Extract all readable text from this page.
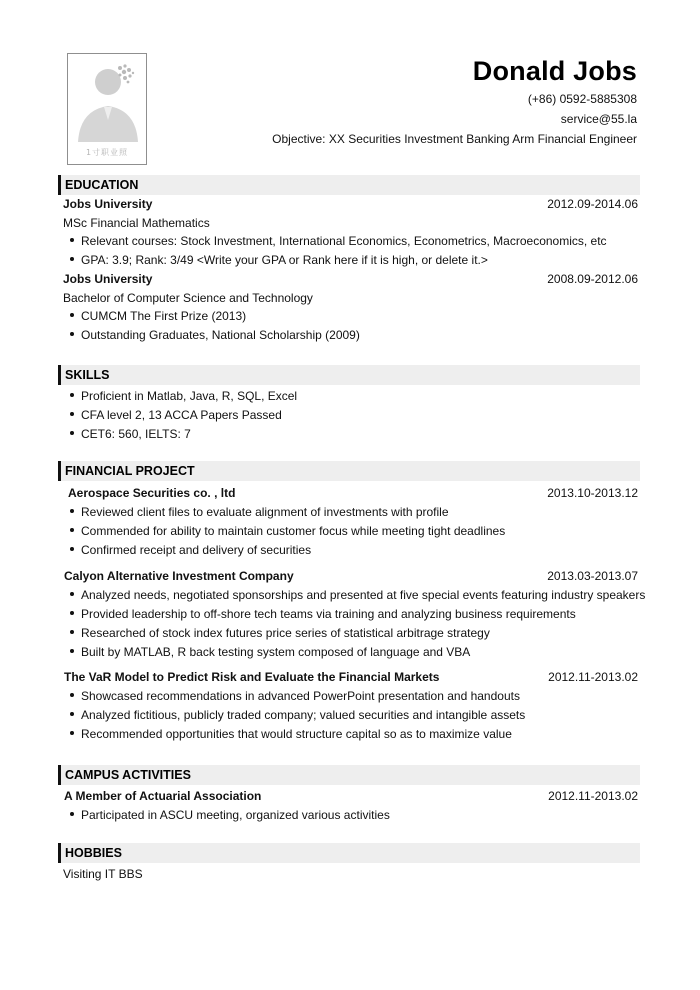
1寸职业照
Donald Jobs
(+86) 0592-5885308
service@55.la
Objective: XX Securities Investment Banking Arm Financial Engineer
EDUCATION
Jobs University	2012.09-2014.06
MSc Financial Mathematics
Relevant courses: Stock Investment, International Economics, Econometrics, Macroeconomics, etc
GPA: 3.9; Rank: 3/49 <Write your GPA or Rank here if it is high, or delete it.>
Jobs University	2008.09-2012.06
Bachelor of Computer Science and Technology
CUMCM The First Prize (2013)
Outstanding Graduates, National Scholarship (2009)
SKILLS
Proficient in Matlab, Java, R, SQL, Excel
CFA level 2, 13 ACCA Papers Passed
CET6: 560, IELTS: 7
FINANCIAL PROJECT
Aerospace Securities co. , ltd	2013.10-2013.12
Reviewed client files to evaluate alignment of investments with profile
Commended for ability to maintain customer focus while meeting tight deadlines
Confirmed receipt and delivery of securities
Calyon Alternative Investment Company	2013.03-2013.07
Analyzed needs, negotiated sponsorships and presented at five special events featuring industry speakers
Provided leadership to off-shore tech teams via training and analyzing business requirements
Researched of stock index futures price series of statistical arbitrage strategy
Built by MATLAB, R back testing system composed of language and VBA
The VaR Model to Predict Risk and Evaluate the Financial Markets	2012.11-2013.02
Showcased recommendations in advanced PowerPoint presentation and handouts
Analyzed fictitious, publicly traded company; valued securities and intangible assets
Recommended opportunities that would structure capital so as to maximize value
CAMPUS ACTIVITIES
A Member of Actuarial Association	2012.11-2013.02
Participated in ASCU meeting, organized various activities
HOBBIES
Visiting IT BBS
